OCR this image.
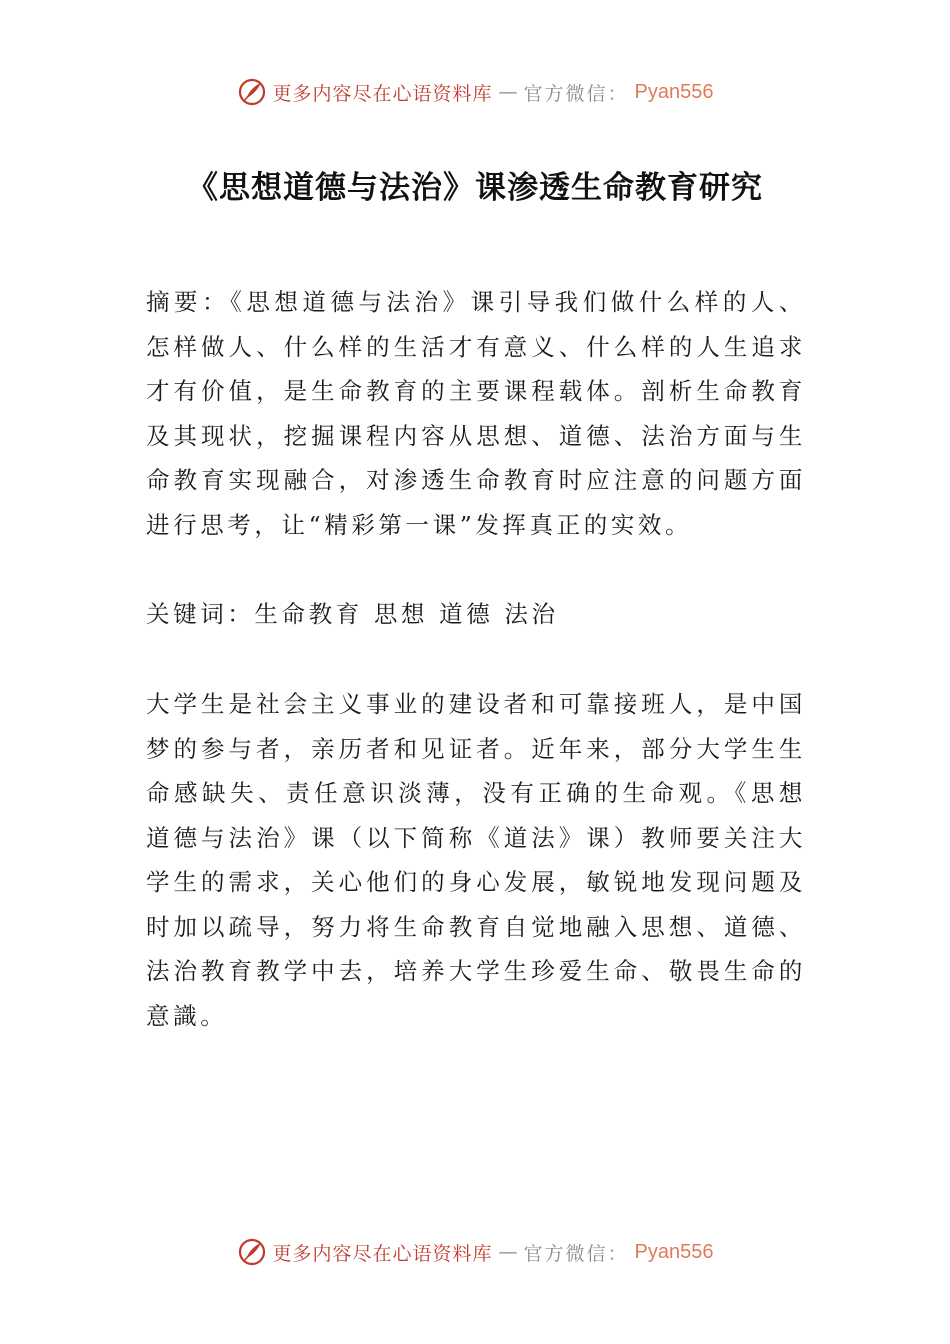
更多内容尽在心语资料库 — 官方微信： Pyan556
《思想道德与法治》课渗透生命教育研究

摘要：《思想道德与法治》课引导我们做什么样的人、怎样做人、什么样的生活才有意义、什么样的人生追求才有价值，是生命教育的主要课程载体。剖析生命教育及其现状，挖掘课程内容从思想、道德、法治方面与生命教育实现融合，对渗透生命教育时应注意的问题方面进行思考，让“精彩第一课”发挥真正的实效。

关键词：生命教育 思想 道德 法治

大学生是社会主义事业的建设者和可靠接班人，是中国梦的参与者，亲历者和见证者。近年来，部分大学生生命感缺失、责任意识淡薄，没有正确的生命观。《思想道德与法治》课（以下简称《道法》课）教师要关注大学生的需求，关心他们的身心发展，敏锐地发现问题及时加以疏导，努力将生命教育自觉地融入思想、道德、法治教育教学中去，培养大学生珍爱生命、敬畏生命的意識。

更多内容尽在心语资料库 — 官方微信： Pyan556
